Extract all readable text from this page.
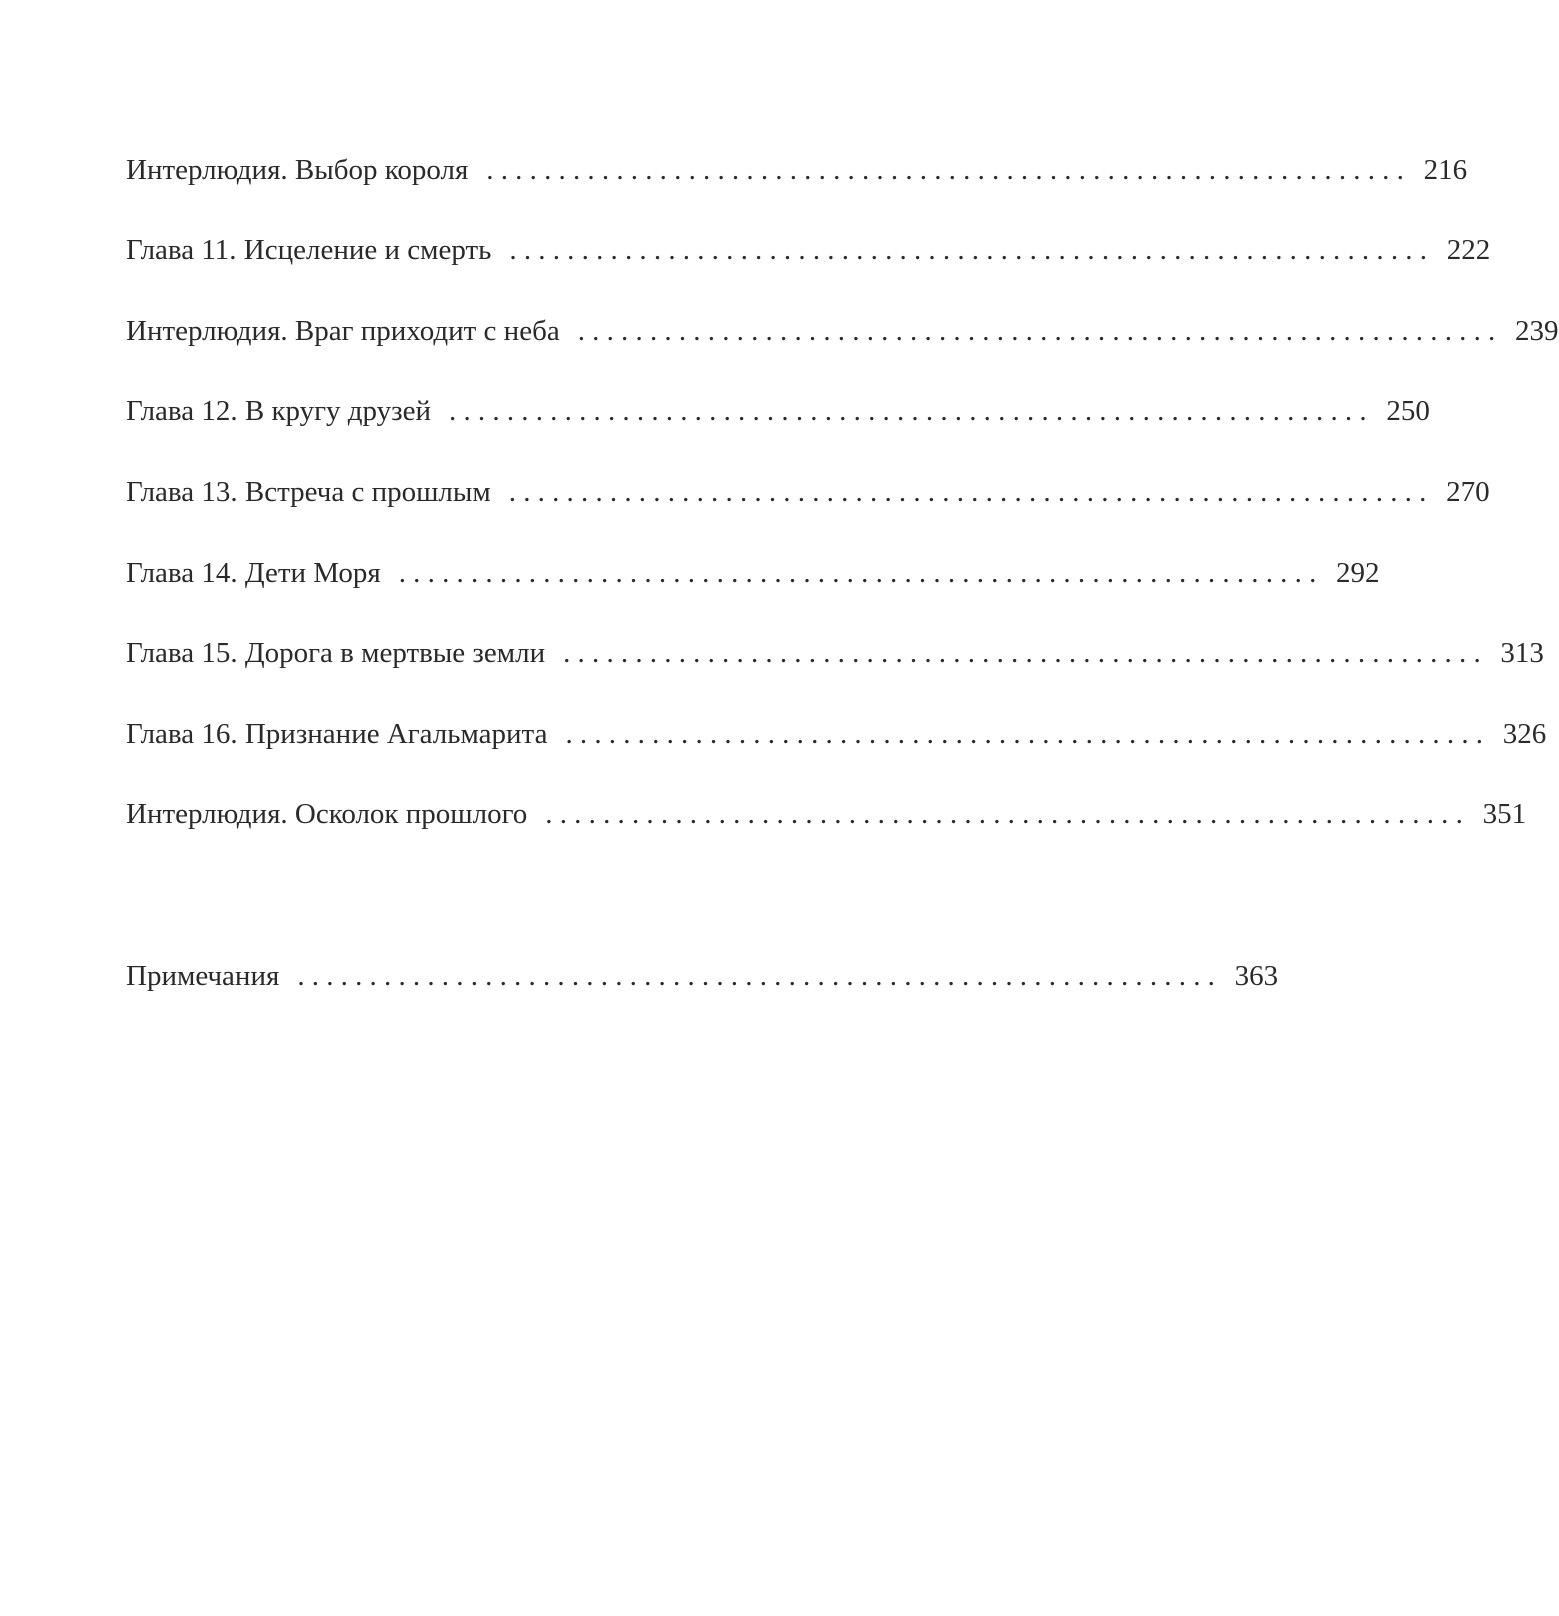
Интерлюдия. Выбор короля ................................................................ 216
Глава 11. Исцеление и смерть ................................................................ 222
Интерлюдия. Враг приходит с неба ................................................................ 239
Глава 12. В кругу друзей ................................................................ 250
Глава 13. Встреча с прошлым ................................................................ 270
Глава 14. Дети Моря ................................................................ 292
Глава 15. Дорога в мертвые земли ................................................................ 313
Глава 16. Признание Агальмарита ................................................................ 326
Интерлюдия. Осколок прошлого ................................................................ 351
Примечания ................................................................ 363
